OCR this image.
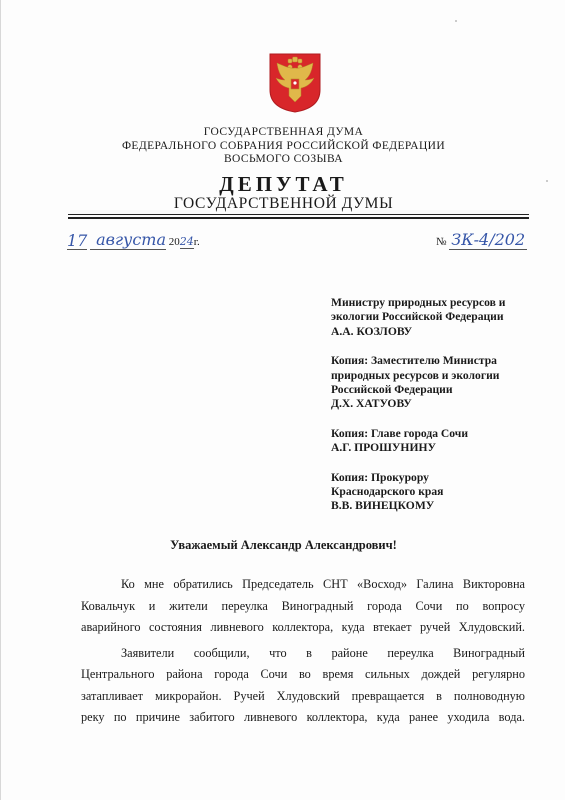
ГОСУДАРСТВЕННАЯ ДУМА
ФЕДЕРАЛЬНОГО СОБРАНИЯ РОССИЙСКОЙ ФЕДЕРАЦИИ
ВОСЬМОГО СОЗЫВА
ДЕПУТАТ
ГОСУДАРСТВЕННОЙ ДУМЫ
17 августа 2024г.	№ ЗК-4/202
Министру природных ресурсов и
экологии Российской Федерации
А.А. КОЗЛОВУ
Копия: Заместителю Министра
природных ресурсов и экологии
Российской Федерации
Д.Х. ХАТУОВУ
Копия: Главе города Сочи
А.Г. ПРОШУНИНУ
Копия: Прокурору
Краснодарского края
В.В. ВИНЕЦКОМУ
Уважаемый Александр Александрович!
Ко мне обратились Председатель СНТ «Восход» Галина Викторовна
Ковальчук и жители переулка Виноградный города Сочи по вопросу
аварийного состояния ливневого коллектора, куда втекает ручей Хлудовский.
Заявители сообщили, что в районе переулка Виноградный
Центрального района города Сочи во время сильных дождей регулярно
затапливает микрорайон. Ручей Хлудовский превращается в полноводную
реку по причине забитого ливневого коллектора, куда ранее уходила вода.
